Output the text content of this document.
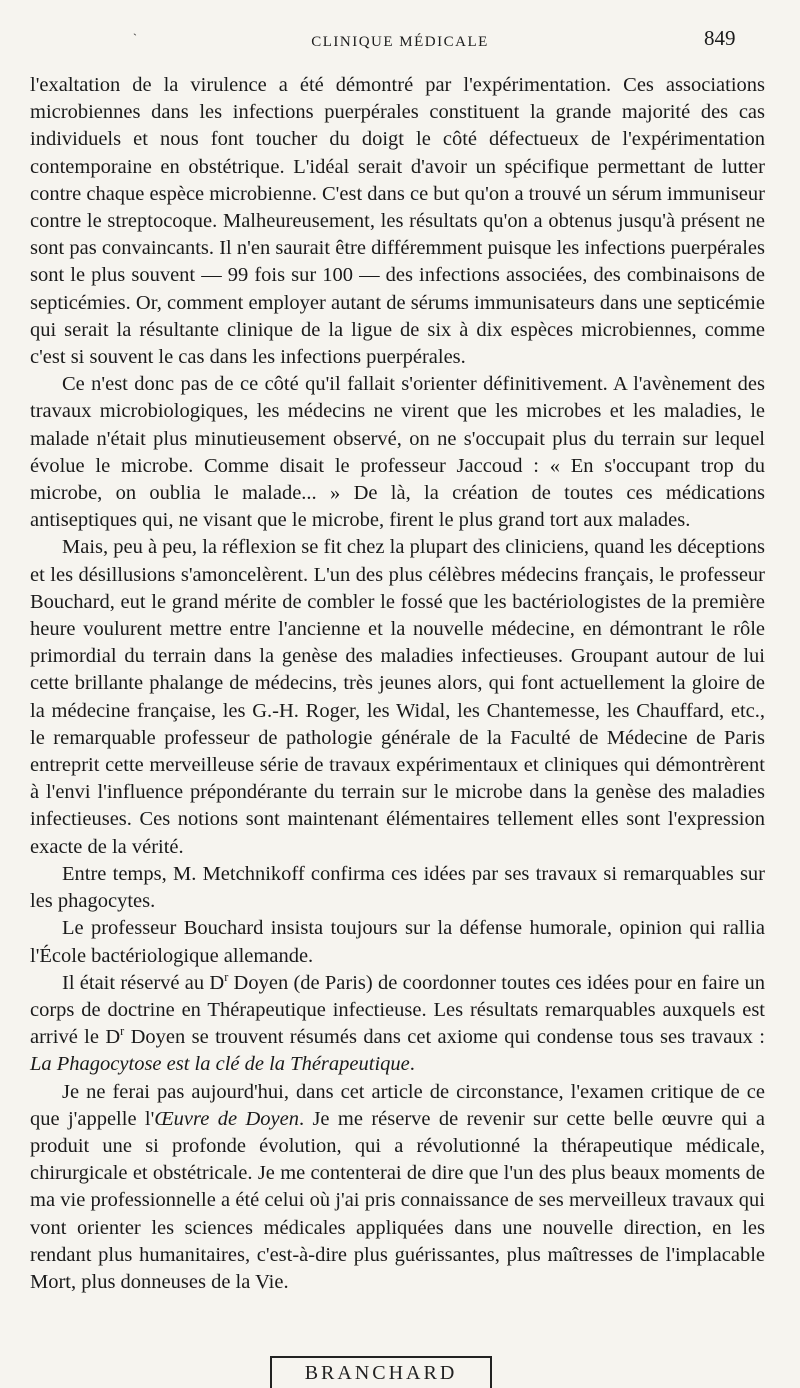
`	CLINIQUE MÉDICALE	849

l'exaltation de la virulence a été démontré par l'expérimentation. Ces associations microbiennes dans les infections puerpérales constituent la grande majorité des cas individuels et nous font toucher du doigt le côté défectueux de l'expérimentation contemporaine en obstétrique. L'idéal serait d'avoir un spécifique permettant de lutter contre chaque espèce microbienne. C'est dans ce but qu'on a trouvé un sérum immuniseur contre le streptocoque. Malheureusement, les résultats qu'on a obtenus jusqu'à présent ne sont pas convaincants. Il n'en saurait être différemment puisque les infections puerpérales sont le plus souvent — 99 fois sur 100 — des infections associées, des combinaisons de septicémies. Or, comment employer autant de sérums immunisateurs dans une septicémie qui serait la résultante clinique de la ligue de six à dix espèces microbiennes, comme c'est si souvent le cas dans les infections puerpérales.

Ce n'est donc pas de ce côté qu'il fallait s'orienter définitivement. A l'avènement des travaux microbiologiques, les médecins ne virent que les microbes et les maladies, le malade n'était plus minutieusement observé, on ne s'occupait plus du terrain sur lequel évolue le microbe. Comme disait le professeur Jaccoud : « En s'occupant trop du microbe, on oublia le malade... » De là, la création de toutes ces médications antiseptiques qui, ne visant que le microbe, firent le plus grand tort aux malades.

Mais, peu à peu, la réflexion se fit chez la plupart des cliniciens, quand les déceptions et les désillusions s'amoncelèrent. L'un des plus célèbres médecins français, le professeur Bouchard, eut le grand mérite de combler le fossé que les bactériologistes de la première heure voulurent mettre entre l'ancienne et la nouvelle médecine, en démontrant le rôle primordial du terrain dans la genèse des maladies infectieuses. Groupant autour de lui cette brillante phalange de médecins, très jeunes alors, qui font actuellement la gloire de la médecine française, les G.-H. Roger, les Widal, les Chantemesse, les Chauffard, etc., le remarquable professeur de pathologie générale de la Faculté de Médecine de Paris entreprit cette merveilleuse série de travaux expérimentaux et cliniques qui démontrèrent à l'envi l'influence prépondérante du terrain sur le microbe dans la genèse des maladies infectieuses. Ces notions sont maintenant élémentaires tellement elles sont l'expression exacte de la vérité.

Entre temps, M. Metchnikoff confirma ces idées par ses travaux si remarquables sur les phagocytes.

Le professeur Bouchard insista toujours sur la défense humorale, opinion qui rallia l'École bactériologique allemande.

Il était réservé au $D^r$ Doyen (de Paris) de coordonner toutes ces idées pour en faire un corps de doctrine en Thérapeutique infectieuse. Les résultats remarquables auxquels est arrivé le $D^r$ Doyen se trouvent résumés dans cet axiome qui condense tous ses travaux : La Phagocytose est la clé de la Thérapeutique.

Je ne ferai pas aujourd'hui, dans cet article de circonstance, l'examen critique de ce que j'appelle l'Œuvre de Doyen. Je me réserve de revenir sur cette belle œuvre qui a produit une si profonde évolution, qui a révolutionné la thérapeutique médicale, chirurgicale et obstétricale. Je me contenterai de dire que l'un des plus beaux moments de ma vie professionnelle a été celui où j'ai pris connaissance de ses merveilleux travaux qui vont orienter les sciences médicales appliquées dans une nouvelle direction, en les rendant plus humanitaires, c'est-à-dire plus guérissantes, plus maîtresses de l'implacable Mort, plus donneuses de la Vie.

BRANCHARD
